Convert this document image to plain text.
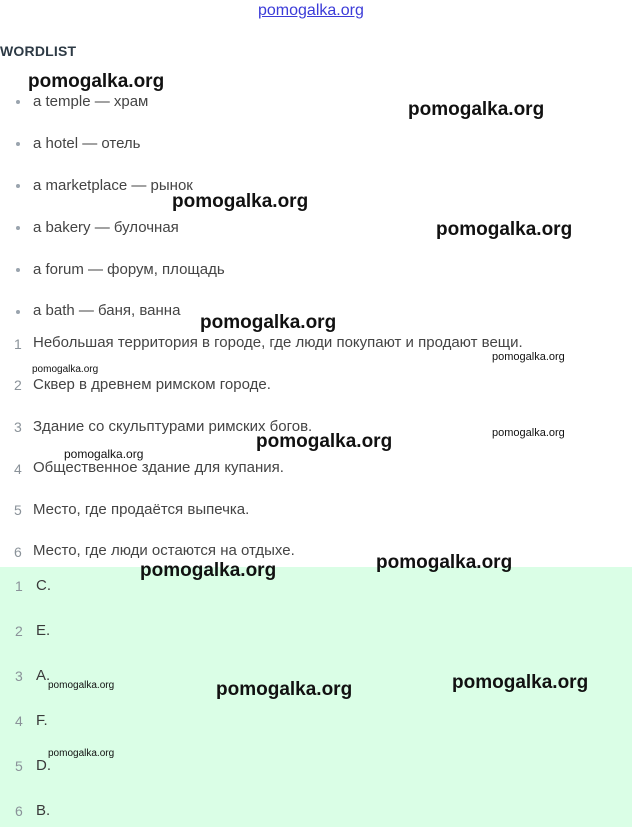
pomogalka.org
WORDLIST
a temple — храм
a hotel — отель
a marketplace — рынок
a bakery — булочная
a forum — форум, площадь
a bath — баня, ванна
1 Небольшая территория в городе, где люди покупают и продают вещи.
2 Сквер в древнем римском городе.
3 Здание со скульптурами римских богов.
4 Общественное здание для купания.
5 Место, где продаётся выпечка.
6 Место, где люди остаются на отдыхе.
1 C.
2 E.
3 A.
4 F.
5 D.
6 B.
pomogalka.org
pomogalka.org
pomogalka.org
pomogalka.org
pomogalka.org
pomogalka.org
pomogalka.org
pomogalka.org	pomogalka.org
pomogalka.org
pomogalka.org
pomogalka.org
pomogalka.org
pomogalka.org
pomogalka.org
pomogalka.org
